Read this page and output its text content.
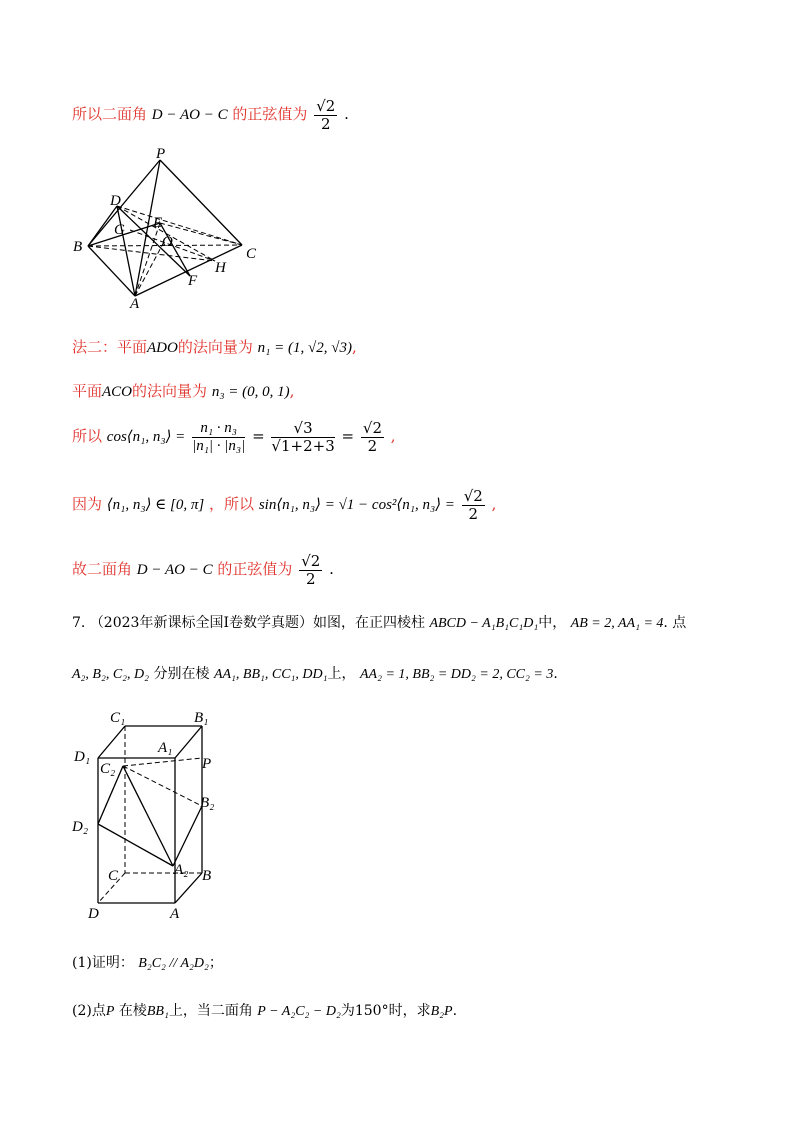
所以二面角 D − AO − C 的正弦值为 $\frac{√2}{2}$ .
P
D
E
G
O
B	C
H
F
A
法二：平面ADO的法向量为 n₁ = (1, √2, √3),
平面ACO的法向量为 n₃ = (0, 0, 1),
所以 cos⟨n₁, n₃⟩ = $\frac{\text{n₁ · n₃}}{\text{|n₁| · |n₃|}} = \frac{√3}{√1+2+3} = \frac{√2}{2}$ ,
因为 ⟨n₁, n₃⟩ ∈ [0, π] ，所以 sin⟨n₁, n₃⟩ = √1 − cos²⟨n₁, n₃⟩ = $\frac{√2}{2}$ ,
故二面角 D − AO − C 的正弦值为 $\frac{√2}{2}$ .
7. （2023年新课标全国Ⅰ卷数学真题）如图，在正四棱柱 ABCD − A₁B₁C₁D₁中， AB = 2, AA₁ = 4. 点
A₂, B₂, C₂, D₂ 分别在棱 AA₁, BB₁, CC₁, DD₁上， AA₂ = 1, BB₂ = DD₂ = 2, CC₂ = 3.
C₁	B₁
A₁
D₁
C₂	P
B₂
D₂
A₂
C	B
D	A
(1)证明： B₂C₂ // A₂D₂；
(2)点P 在棱BB₁上，当二面角 P − A₂C₂ − D₂为150°时，求B₂P.
